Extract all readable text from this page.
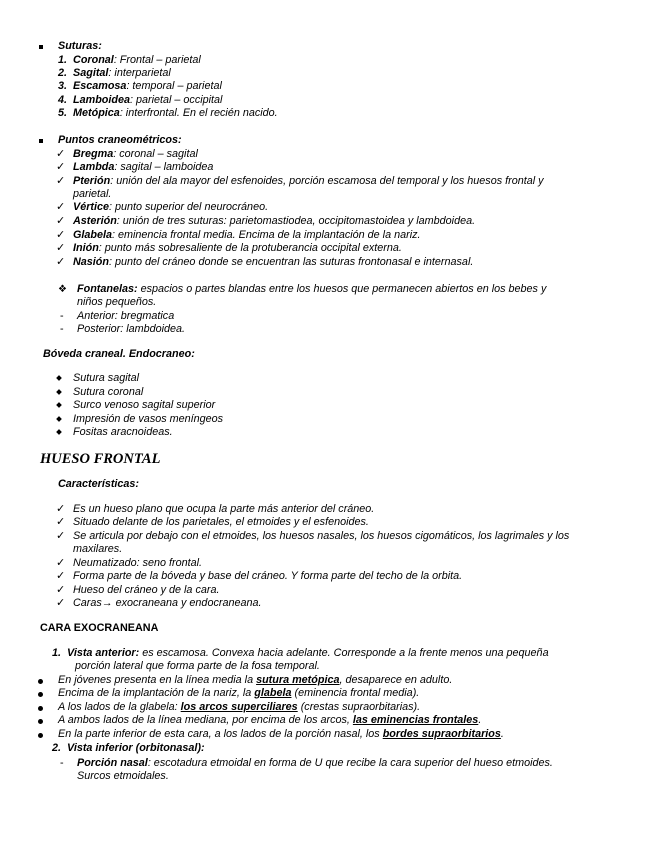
Suturas:
1. Coronal: Frontal – parietal
2. Sagital: interparietal
3. Escamosa: temporal – parietal
4. Lamboidea: parietal – occipital
5. Metópica: interfrontal. En el recién nacido.
Puntos craneométricos:
✓ Bregma: coronal – sagital
✓ Lambda: sagital – lamboidea
✓ Pterión: unión del ala mayor del esfenoides, porción escamosa del temporal y los huesos frontal y
parietal.
✓ Vértice: punto superior del neurocráneo.
✓ Asterión: unión de tres suturas: parietomastiodea, occipitomastoidea y lambdoidea.
✓ Glabela: eminencia frontal media. Encima de la implantación de la nariz.
✓ Inión: punto más sobresaliente de la protuberancia occipital externa.
✓ Nasión: punto del cráneo donde se encuentran las suturas frontonasal e internasal.
❖ Fontanelas: espacios o partes blandas entre los huesos que permanecen abiertos en los bebes y
niños pequeños.
- Anterior: bregmatica
- Posterior: lambdoidea.
Bóveda craneal. Endocraneo:
Sutura sagital
Sutura coronal
Surco venoso sagital superior
Impresión de vasos meníngeos
Fositas aracnoideas.
HUESO FRONTAL
Características:
✓ Es un hueso plano que ocupa la parte más anterior del cráneo.
✓ Situado delante de los parietales, el etmoides y el esfenoides.
✓ Se articula por debajo con el etmoides, los huesos nasales, los huesos cigomáticos, los lagrimales y los
maxilares.
✓ Neumatizado: seno frontal.
✓ Forma parte de la bóveda y base del cráneo. Y forma parte del techo de la orbita.
✓ Hueso del cráneo y de la cara.
✓ Caras→ exocraneana y endocraneana.
CARA EXOCRANEANA
1. Vista anterior: es escamosa. Convexa hacia adelante. Corresponde a la frente menos una pequeña
porción lateral que forma parte de la fosa temporal.
En jóvenes presenta en la línea media la sutura metópica, desaparece en adulto.
Encima de la implantación de la nariz, la glabela (eminencia frontal media).
A los lados de la glabela: los arcos superciliares (crestas supraorbitarias).
A ambos lados de la línea mediana, por encima de los arcos, las eminencias frontales.
En la parte inferior de esta cara, a los lados de la porción nasal, los bordes supraorbitarios.
2. Vista inferior (orbitonasal):
- Porción nasal: escotadura etmoidal en forma de U que recibe la cara superior del hueso etmoides.
Surcos etmoidales.
